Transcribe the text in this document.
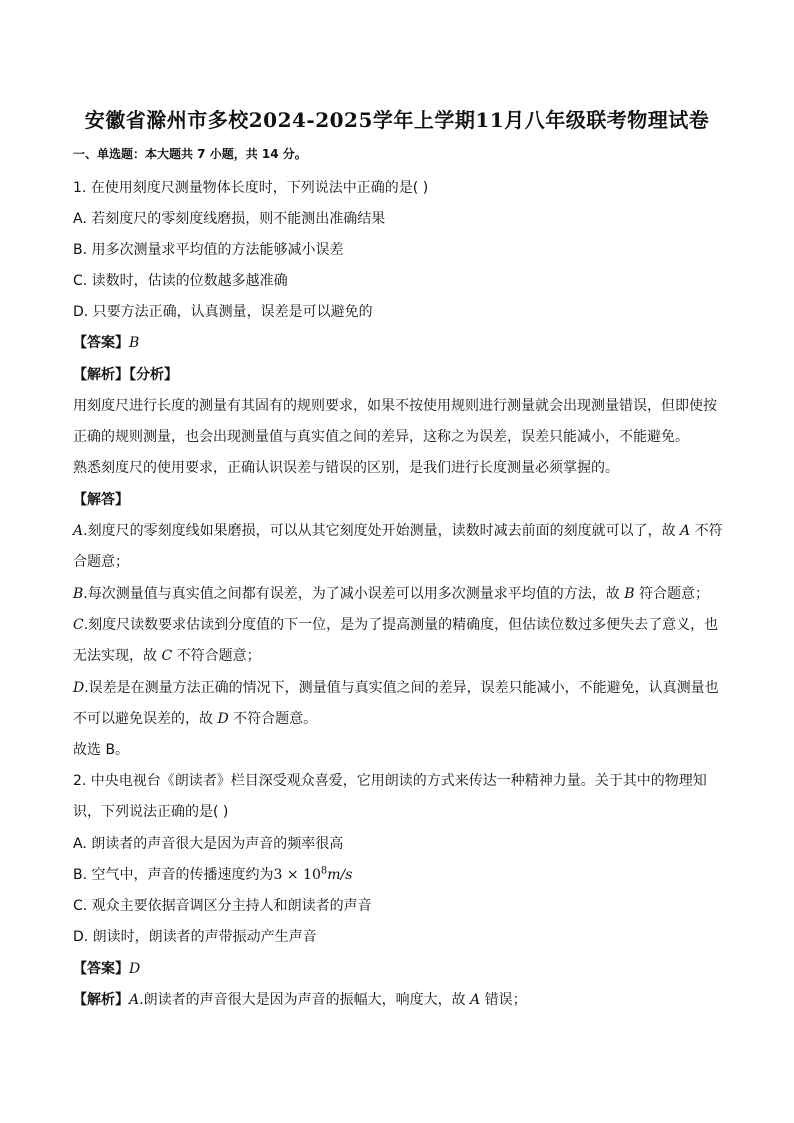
安徽省滁州市多校2024-2025学年上学期11月八年级联考物理试卷
一、单选题：本大题共 7 小题，共 14 分。
1. 在使用刻度尺测量物体长度时，下列说法中正确的是( )
A. 若刻度尺的零刻度线磨损，则不能测出准确结果
B. 用多次测量求平均值的方法能够减小误差
C. 读数时，估读的位数越多越准确
D. 只要方法正确，认真测量，误差是可以避免的
【答案】B
【解析】【分析】
用刻度尺进行长度的测量有其固有的规则要求，如果不按使用规则进行测量就会出现测量错误，但即使按
正确的规则测量，也会出现测量值与真实值之间的差异，这称之为误差，误差只能减小，不能避免。
熟悉刻度尺的使用要求，正确认识误差与错误的区别，是我们进行长度测量必须掌握的。
【解答】
A.刻度尺的零刻度线如果磨损，可以从其它刻度处开始测量，读数时减去前面的刻度就可以了，故 A 不符
合题意；
B.每次测量值与真实值之间都有误差，为了减小误差可以用多次测量求平均值的方法，故 B 符合题意；
C.刻度尺读数要求估读到分度值的下一位，是为了提高测量的精确度，但估读位数过多便失去了意义，也
无法实现，故 C 不符合题意；
D.误差是在测量方法正确的情况下，测量值与真实值之间的差异，误差只能减小，不能避免，认真测量也
不可以避免误差的，故 D 不符合题意。
故选 B。
2. 中央电视台《朗读者》栏目深受观众喜爱，它用朗读的方式来传达一种精神力量。关于其中的物理知
识，下列说法正确的是( )
A. 朗读者的声音很大是因为声音的频率很高
B. 空气中，声音的传播速度约为$3 \times 10^8m/s$
C. 观众主要依据音调区分主持人和朗读者的声音
D. 朗读时，朗读者的声带振动产生声音
【答案】D
【解析】A.朗读者的声音很大是因为声音的振幅大，响度大，故 A 错误；
